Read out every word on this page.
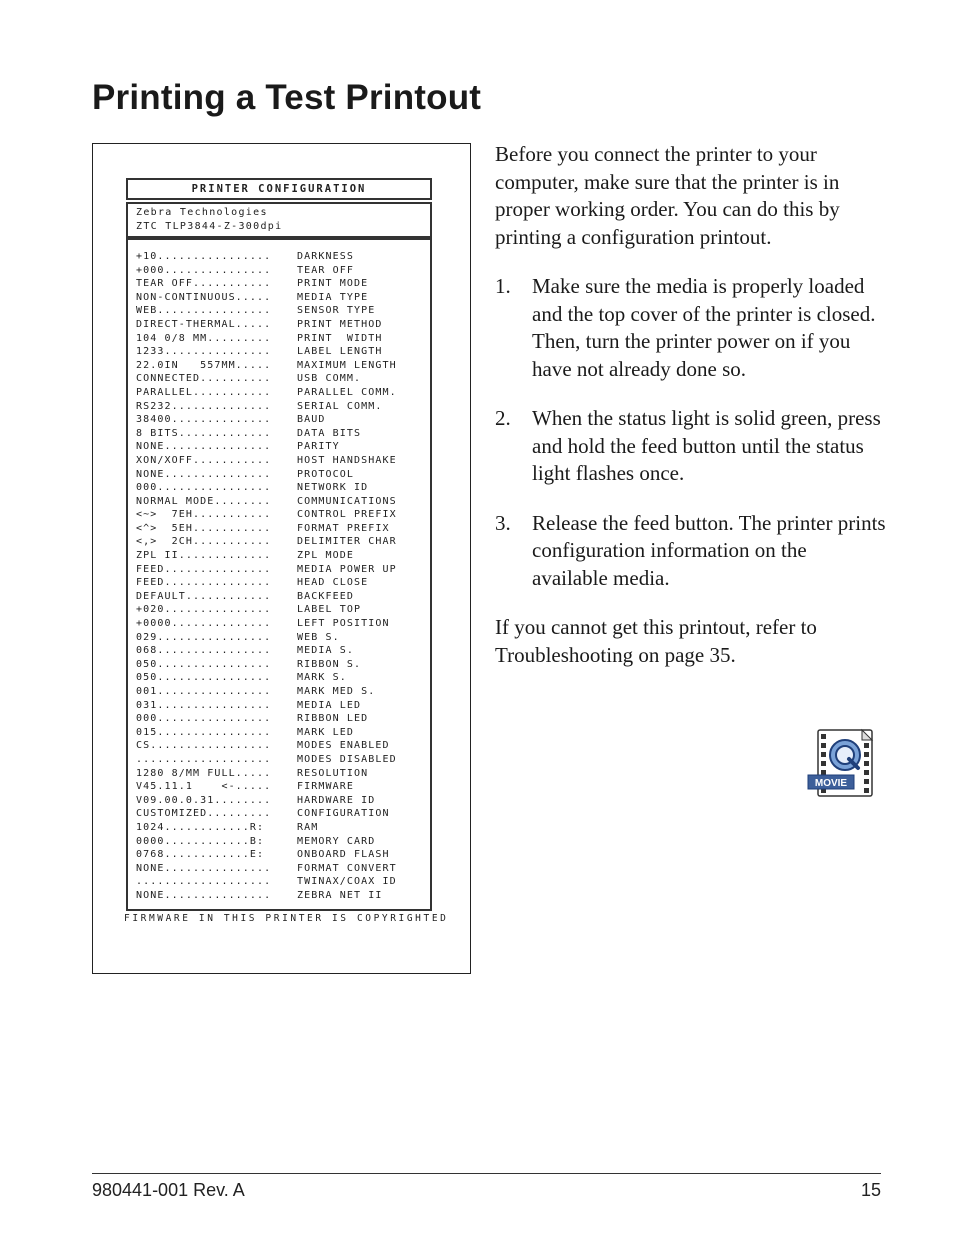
Printing a Test Printout
PRINTER CONFIGURATION
Zebra Technologies
ZTC TLP3844-Z-300dpi
+10................	DARKNESS
+000...............	TEAR OFF
TEAR OFF...........	PRINT MODE
NON-CONTINUOUS.....	MEDIA TYPE
WEB................	SENSOR TYPE
DIRECT-THERMAL.....	PRINT METHOD
104 0/8 MM.........	PRINT  WIDTH
1233...............	LABEL LENGTH
22.0IN   557MM.....	MAXIMUM LENGTH
CONNECTED..........	USB COMM.
PARALLEL...........	PARALLEL COMM.
RS232..............	SERIAL COMM.
38400..............	BAUD
8 BITS.............	DATA BITS
NONE...............	PARITY
XON/XOFF...........	HOST HANDSHAKE
NONE...............	PROTOCOL
000................	NETWORK ID
NORMAL MODE........	COMMUNICATIONS
<~>  7EH...........	CONTROL PREFIX
<^>  5EH...........	FORMAT PREFIX
<,>  2CH...........	DELIMITER CHAR
ZPL II.............	ZPL MODE
FEED...............	MEDIA POWER UP
FEED...............	HEAD CLOSE
DEFAULT............	BACKFEED
+020...............	LABEL TOP
+0000..............	LEFT POSITION
029................	WEB S.
068................	MEDIA S.
050................	RIBBON S.
050................	MARK S.
001................	MARK MED S.
031................	MEDIA LED
000................	RIBBON LED
015................	MARK LED
CS.................	MODES ENABLED
...................	MODES DISABLED
1280 8/MM FULL.....	RESOLUTION
V45.11.1    <-.....	FIRMWARE
V09.00.0.31........	HARDWARE ID
CUSTOMIZED.........	CONFIGURATION
1024............R:	RAM
0000............B:	MEMORY CARD
0768............E:	ONBOARD FLASH
NONE...............	FORMAT CONVERT
...................	TWINAX/COAX ID
NONE...............	ZEBRA NET II
FIRMWARE IN THIS PRINTER IS COPYRIGHTED

Before you connect the printer to your computer, make sure that the printer is in proper working order. You can do this by printing a configuration printout.

1.	Make sure the media is properly loaded and the top cover of the printer is closed. Then, turn the printer power on if you have not already done so.
2.	When the status light is solid green, press and hold the feed button until the status light flashes once.
3.	Release the feed button. The printer prints configuration information on the available media.

If you cannot get this printout, refer to Troubleshooting on page 35.

MOVIE
980441-001 Rev. A	15
